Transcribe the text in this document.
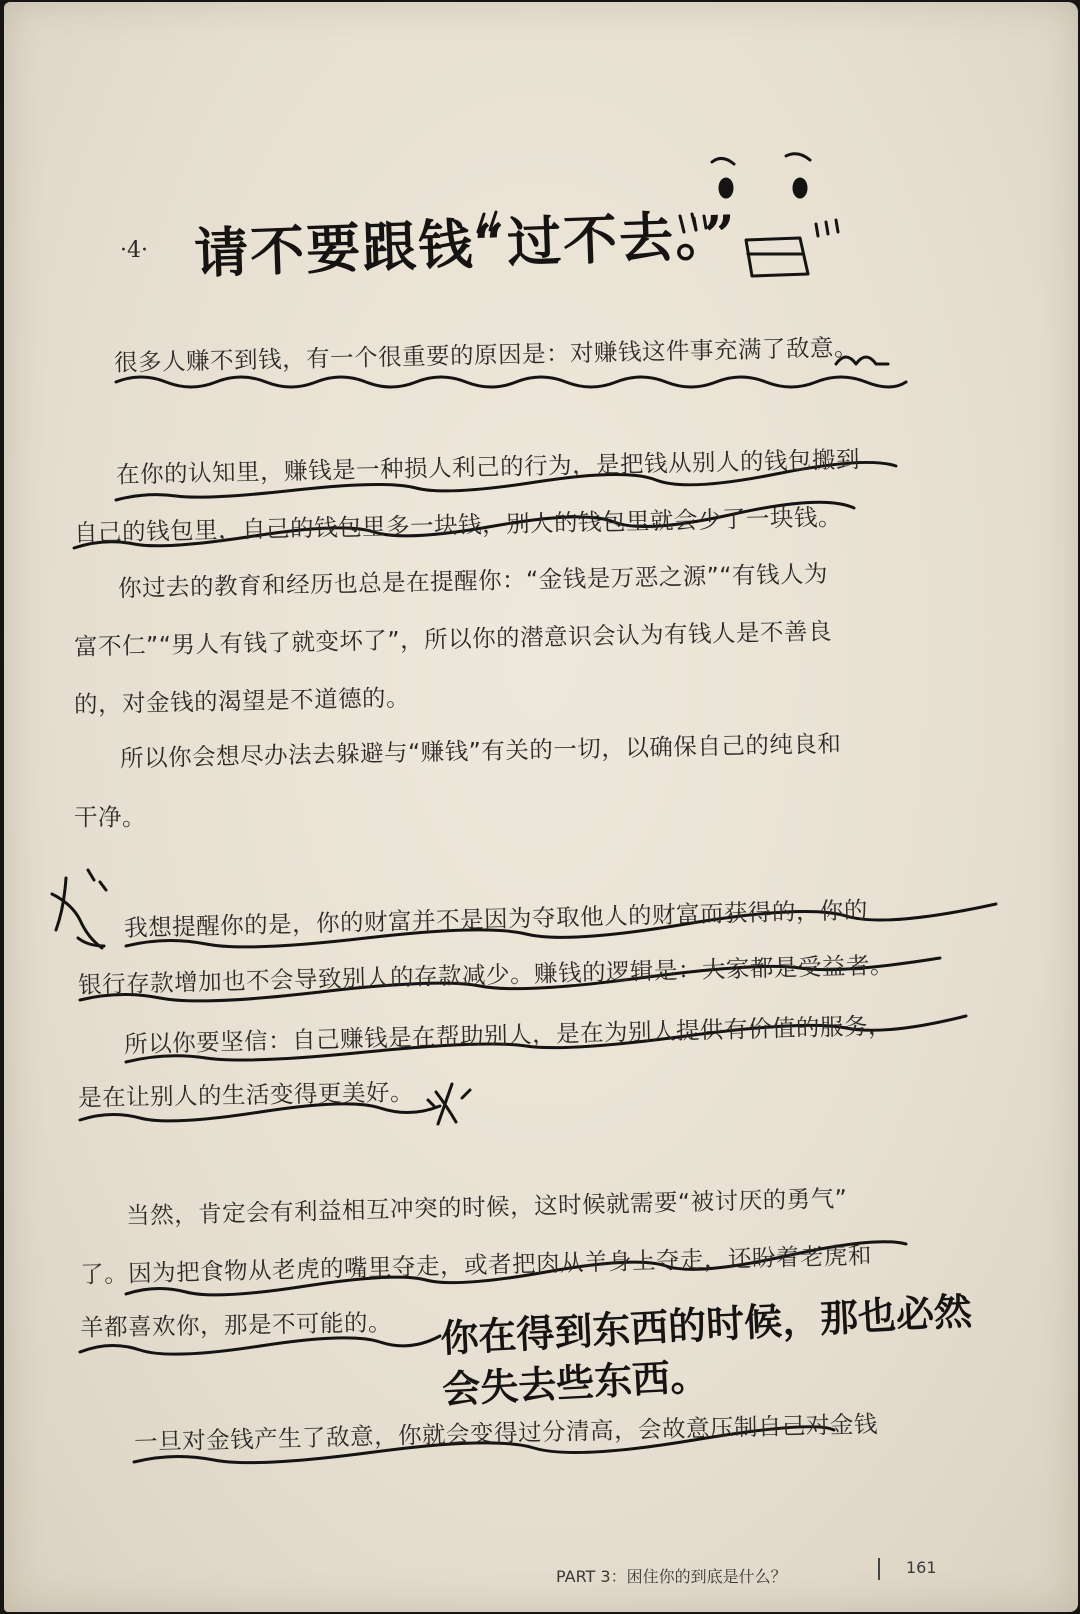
·4· 请不要跟钱“过不去。”
很多人赚不到钱，有一个很重要的原因是：对赚钱这件事充满了敌意。
在你的认知里，赚钱是一种损人利己的行为，是把钱从别人的钱包搬到
自己的钱包里，自己的钱包里多一块钱，别人的钱包里就会少了一块钱。
你过去的教育和经历也总是在提醒你：“金钱是万恶之源”“有钱人为
富不仁”“男人有钱了就变坏了”，所以你的潜意识会认为有钱人是不善良
的，对金钱的渴望是不道德的。
所以你会想尽办法去躲避与“赚钱”有关的一切，以确保自己的纯良和
干净。
我想提醒你的是，你的财富并不是因为夺取他人的财富而获得的，你的
银行存款增加也不会导致别人的存款减少。赚钱的逻辑是：大家都是受益者。
所以你要坚信：自己赚钱是在帮助别人，是在为别人提供有价值的服务，
是在让别人的生活变得更美好。
当然，肯定会有利益相互冲突的时候，这时候就需要“被讨厌的勇气”
了。因为把食物从老虎的嘴里夺走，或者把肉从羊身上夺走，还盼着老虎和
羊都喜欢你，那是不可能的。
一旦对金钱产生了敌意，你就会变得过分清高，会故意压制自己对金钱
你在得到东西的时候，那也必然
会失去些东西。
PART 3：困住你的到底是什么？	161
